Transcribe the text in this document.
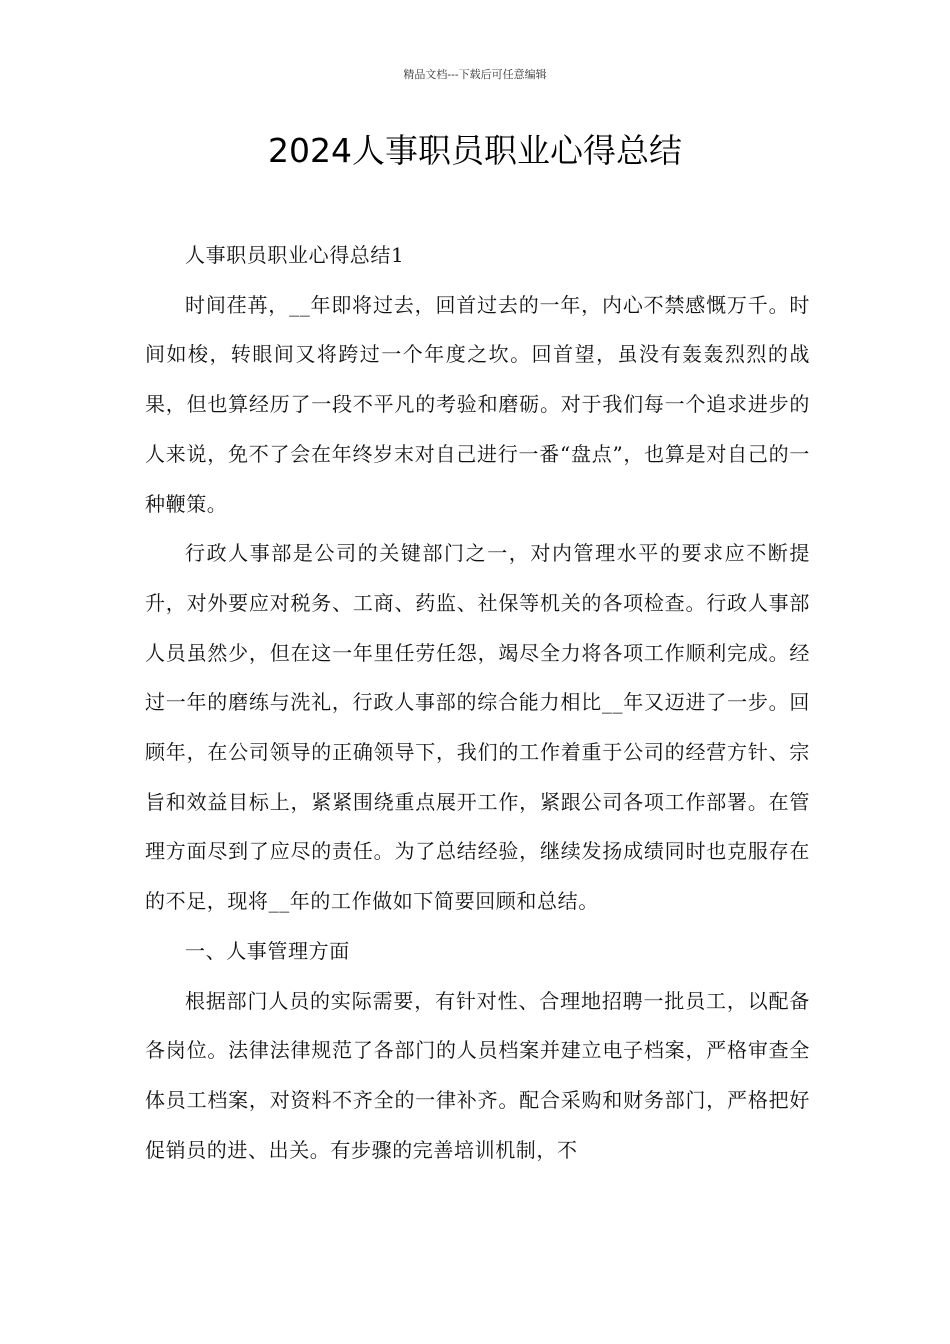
精品文档---下载后可任意编辑
2024人事职员职业心得总结

人事职员职业心得总结1

时间荏苒，__年即将过去，回首过去的一年，内心不禁感慨万千。时间如梭，转眼间又将跨过一个年度之坎。回首望，虽没有轰轰烈烈的战果，但也算经历了一段不平凡的考验和磨砺。对于我们每一个追求进步的人来说，免不了会在年终岁末对自己进行一番“盘点”，也算是对自己的一种鞭策。

行政人事部是公司的关键部门之一，对内管理水平的要求应不断提升，对外要应对税务、工商、药监、社保等机关的各项检查。行政人事部人员虽然少，但在这一年里任劳任怨，竭尽全力将各项工作顺利完成。经过一年的磨练与洗礼，行政人事部的综合能力相比__年又迈进了一步。回顾年，在公司领导的正确领导下，我们的工作着重于公司的经营方针、宗旨和效益目标上，紧紧围绕重点展开工作，紧跟公司各项工作部署。在管理方面尽到了应尽的责任。为了总结经验，继续发扬成绩同时也克服存在的不足，现将__年的工作做如下简要回顾和总结。

一、人事管理方面

根据部门人员的实际需要，有针对性、合理地招聘一批员工，以配备各岗位。法律法律规范了各部门的人员档案并建立电子档案，严格审查全体员工档案，对资料不齐全的一律补齐。配合采购和财务部门，严格把好促销员的进、出关。有步骤的完善培训机制，不
